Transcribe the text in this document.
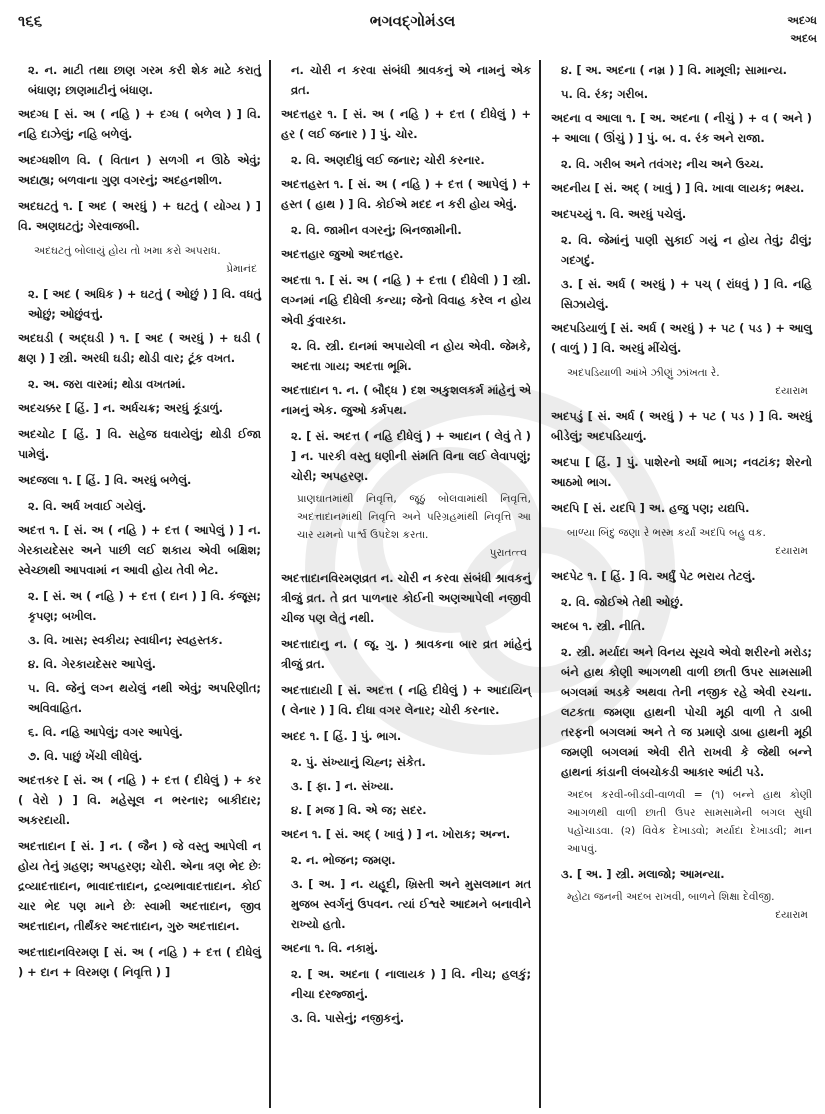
૧૬૬	ભગવદ્ગોમંડલ	અદગ્ધ
અદબ
૨. ન. માટી તથા છાણ ગરમ કરી શેક માટે કરાતું બંધાણ; છાણમાટીનું બંધાણ.
અદગ્ધ [ સં. અ ( નહિ ) + દગ્ધ ( બળેલ ) ] વિ. નહિ દાઝેલું; નહિ બળેલું.
અદગ્ધશીળ વિ. ( વિતાન ) સળગી ન ઊઠે એવું; અદાહ્ય; બળવાના ગુણ વગરનું; અદહનશીળ.
અદઘટતું ૧. [ અદ ( અરધું ) + ઘટતું ( યોગ્ય ) ] વિ. અણઘટતું; ગેરવાજબી.
અદઘટતું બોલાયું હોય તો ખમા કરો અપરાધ.
પ્રેમાનંદ
૨. [ અદ ( અધિક ) + ઘટતું ( ઓછું ) ] વિ. વધતું ઓછું; ઓછુંવત્તું.
અદઘડી ( અદ્ઘડી ) ૧. [ અદ ( અરધું ) + ઘડી ( ક્ષણ ) ] સ્ત્રી. અરધી ઘડી; થોડી વાર; ટૂંક વખત.
૨. અ. જરા વારમાં; થોડા વખતમાં.
અદચક્કર [ હિં. ] ન. અર્ધચક્ર; અરધું કૂંડાળું.
અદચોટ [ હિં. ] વિ. સહેજ ઘવાયેલું; થોડી ઈજા પામેલું.
અદજલા ૧. [ હિં. ] વિ. અરધું બળેલું.
૨. વિ. અર્ધ ખવાઈ ગયેલું.
અદત્ત ૧. [ સં. અ ( નહિ ) + દત્ત ( આપેલું ) ] ન. ગેરકાયદેસર અને પાછી લઈ શકાય એવી બક્ષિશ; સ્વેચ્છાથી આપવામાં ન આવી હોય તેવી ભેટ.
૨. [ સં. અ ( નહિ ) + દત્ત ( દાન ) ] વિ. કંજૂસ; કૃપણ; બખીલ.
૩. વિ. ખાસ; સ્વકીય; સ્વાધીન; સ્વહસ્તક.
૪. વિ. ગેરકાયદેસર આપેલું.
૫. વિ. જેનું લગ્ન થયેલું નથી એવું; અપરિણીત; અવિવાહિત.
૬. વિ. નહિ આપેલું; વગર આપેલું.
૭. વિ. પાછું ખેંચી લીધેલું.
અદત્તકર [ સં. અ ( નહિ ) + દત્ત ( દીધેલું ) + કર ( વેરો ) ] વિ. મહેસૂલ ન ભરનાર; બાકીદાર; અકરદાયી.
અદત્તાદાન [ સં. ] ન. ( જૈન ) જે વસ્તુ આપેલી ન હોય તેનું ગ્રહણ; અપહરણ; ચોરી. એના ત્રણ ભેદ છેઃ દ્રવ્યાદત્તાદાન, ભાવાદત્તાદાન, દ્રવ્યભાવાદત્તાદાન. કોઈ ચાર ભેદ પણ માને છેઃ સ્વામી અદત્તાદાન, જીવ અદત્તાદાન, તીર્થંકર અદત્તાદાન, ગુરુ અદત્તાદાન.
અદત્તાદાનવિરમણ [ સં. અ ( નહિ ) + દત્ત ( દીધેલું ) + દાન + વિરમણ ( નિવૃત્તિ ) ]
ન. ચોરી ન કરવા સંબંધી શ્રાવકનું એ નામનું એક વ્રત.
અદત્તહર ૧. [ સં. અ ( નહિ ) + દત્ત ( દીધેલું ) + હર ( લઈ જનાર ) ] પું. ચોર.
૨. વિ. અણદીધું લઈ જનાર; ચોરી કરનાર.
અદત્તહસ્ત ૧. [ સં. અ ( નહિ ) + દત્ત ( આપેલું ) + હસ્ત ( હાથ ) ] વિ. કોઈએ મદદ ન કરી હોય એવું.
૨. વિ. જામીન વગરનું; બિનજામીની.
અદત્તહાર જુઓ અદત્તહર.
અદત્તા ૧. [ સં. અ ( નહિ ) + દત્તા ( દીધેલી ) ] સ્ત્રી. લગ્નમાં નહિ દીધેલી કન્યા; જેનો વિવાહ કરેલ ન હોય એવી કુંવારકા.
૨. વિ. સ્ત્રી. દાનમાં અપાયેલી ન હોય એવી. જેમકે, અદત્તા ગાય; અદત્તા ભૂમિ.
અદત્તાદાન ૧. ન. ( બૌદ્ધ ) દશ અકુશલકર્મ માંહેનું એ નામનું એક. જુઓ કર્મપથ.
૨. [ સં. અદત્ત ( નહિ દીધેલું ) + આદાન ( લેવું તે ) ] ન. પારકી વસ્તુ ધણીની સંમતિ વિના લઈ લેવાપણું; ચોરી; અપહરણ.
પ્રાણઘાતમાંથી નિવૃત્તિ, જૂઠું બોલવામાંથી નિવૃત્તિ, અદત્તાદાનમાંથી નિવૃત્તિ અને પરિગ્રહમાંથી નિવૃત્તિ આ ચાર યમનો પાર્શ્વ ઉપદેશ કરતા.
પુરાતત્ત્વ
અદત્તાદાનવિરમણવ્રત ન. ચોરી ન કરવા સંબંધી શ્રાવકનું ત્રીજું વ્રત. તે વ્રત પાળનાર કોઈની અણઆપેલી નજીવી ચીજ પણ લેતું નથી.
અદત્તાદાનુ ન. ( જૂ. ગુ. ) શ્રાવકના બાર વ્રત માંહેનું ત્રીજું વ્રત.
અદત્તાદાયી [ સં. અદત્ત ( નહિ દીધેલું ) + આદાયિન્ ( લેનાર ) ] વિ. દીધા વગર લેનાર; ચોરી કરનાર.
અદદ ૧. [ હિં. ] પું. ભાગ.
૨. પું. સંખ્યાનું ચિહ્ન; સંકેત.
૩. [ ફા. ] ન. સંખ્યા.
૪. [ મજ ] વિ. એ જ; સદર.
અદન ૧. [ સં. અદ્ ( ખાવું ) ] ન. ખોરાક; અન્ન.
૨. ન. ભોજન; જમણ.
૩. [ અ. ] ન. યહૂદી, ખ્રિસ્તી અને મુસલમાન મત મુજબ સ્વર્ગનું ઉપવન. ત્યાં ઈશ્વરે આદમને બનાવીને રાખ્યો હતો.
અદના ૧. વિ. નકામું.
૨. [ અ. અદના ( નાલાયક ) ] વિ. નીચ; હલકું; નીચા દરજ્જાનું.
૩. વિ. પાસેનું; નજીકનું.
૪. [ અ. અદના ( નમ્ર ) ] વિ. મામૂલી; સામાન્ય.
૫. વિ. રંક; ગરીબ.
અદના વ આલા ૧. [ અ. અદના ( નીચું ) + વ ( અને ) + આલા ( ઊંચું ) ] પું. બ. વ. રંક અને રાજા.
૨. વિ. ગરીબ અને તવંગર; નીચ અને ઉચ્ચ.
અદનીય [ સં. અદ્ ( ખાવું ) ] વિ. ખાવા લાયક; ભક્ષ્ય.
અદપચ્યું ૧. વિ. અરધું પચેલું.
૨. વિ. જેમાંનું પાણી સુકાઈ ગયું ન હોય તેવું; ઢીલું; ગદગદું.
૩. [ સં. અર્ધ ( અરધું ) + પચ્ ( રાંધવું ) ] વિ. નહિ સિઝાયેલું.
અદપડિયાળું [ સં. અર્ધ ( અરધું ) + પટ ( પડ ) + આલુ ( વાળું ) ] વિ. અરધું મીંચેલું.
અદપડિયાળી આંખે ઝીણું ઝાંખતા રે.
દયારામ
અદપડું [ સં. અર્ધ ( અરધું ) + પટ ( પડ ) ] વિ. અરધું બીડેલું; અદપડિયાળું.
અદપા [ હિં. ] પું. પાશેરનો અર્ધો ભાગ; નવટાંક; શેરનો આઠમો ભાગ.
અદપિ [ સં. યદપિ ] અ. હજુ પણ; યદ્યપિ.
બાળ્યા બિંદુ જણા રે ભસ્મ કર્યાં અદપિ બહુ વક.
દયારામ
અદપેટ ૧. [ હિં. ] વિ. અર્ધું પેટ ભરાય તેટલું.
૨. વિ. જોઈએ તેથી ઓછું.
અદબ ૧. સ્ત્રી. નીતિ.
૨. સ્ત્રી. મર્યાદા અને વિનય સૂચવે એવો શરીરનો મરોડ; બંને હાથ કોણી આગળથી વાળી છાતી ઉપર સામસામી બગલમાં અડકે અથવા તેની નજીક રહે એવી રચના. લટકતા જમણા હાથની પોચી મૂઠી વાળી તે ડાબી તરફની બગલમાં અને તે જ પ્રમાણે ડાબા હાથની મૂઠી જમણી બગલમાં એવી રીતે રાખવી કે જેથી બન્ને હાથનાં કાંડાની લંબચોકડી આકાર આંટી પડે.
અદબ કરવી-બીડવી-વાળવી = (૧) બન્ને હાથ કોણી આગળથી વાળી છાતી ઉપર સામસામેની બગલ સુધી પહોંચાડવા. (૨) વિવેક દેખાડવો; મર્યાદા દેખાડવી; માન આપવું.
૩. [ અ. ] સ્ત્રી. મલાજો; આમન્યા.
મ્હોટા જનની અદબ રાખવી, બાળને શિક્ષા દેવીજી.
દયારામ
